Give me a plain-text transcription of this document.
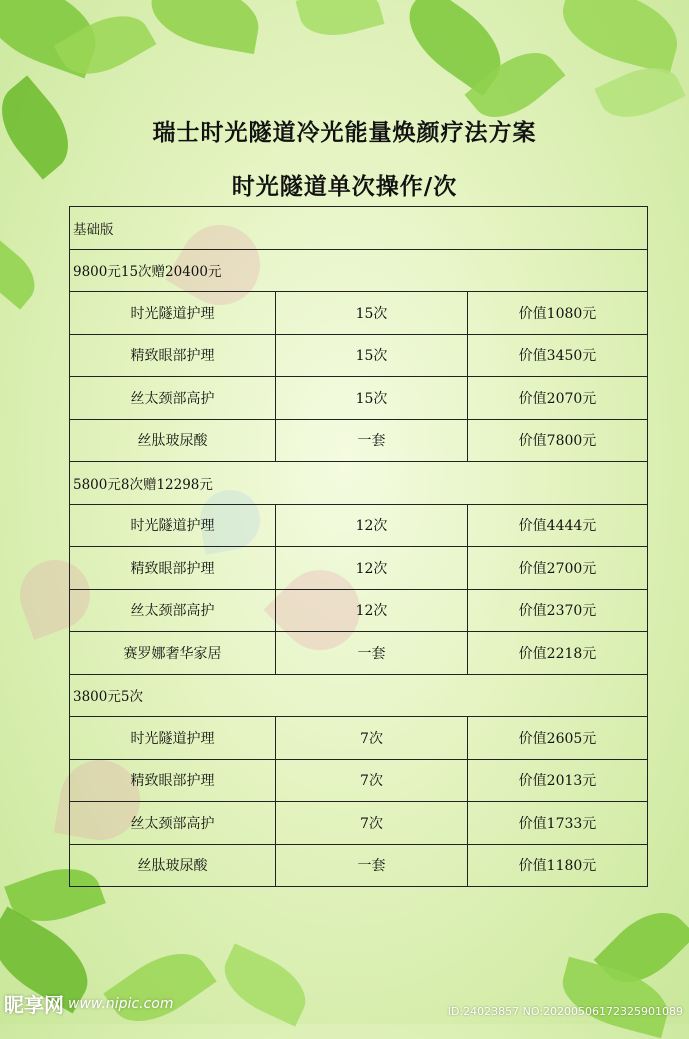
瑞士时光隧道冷光能量焕颜疗法方案
时光隧道单次操作/次
基础版		
9800元15次赠20400元		
时光隧道护理	15次	价值1080元
精致眼部护理	15次	价值3450元
丝太颈部高护	15次	价值2070元
丝肽玻尿酸	一套	价值7800元
5800元8次赠12298元		
时光隧道护理	12次	价值4444元
精致眼部护理	12次	价值2700元
丝太颈部高护	12次	价值2370元
赛罗娜奢华家居	一套	价值2218元
3800元5次		
时光隧道护理	7次	价值2605元
精致眼部护理	7次	价值2013元
丝太颈部高护	7次	价值1733元
丝肽玻尿酸	一套	价值1180元
昵享网 www.nipic.com	ID:24023857 NO:20200506172325901089
